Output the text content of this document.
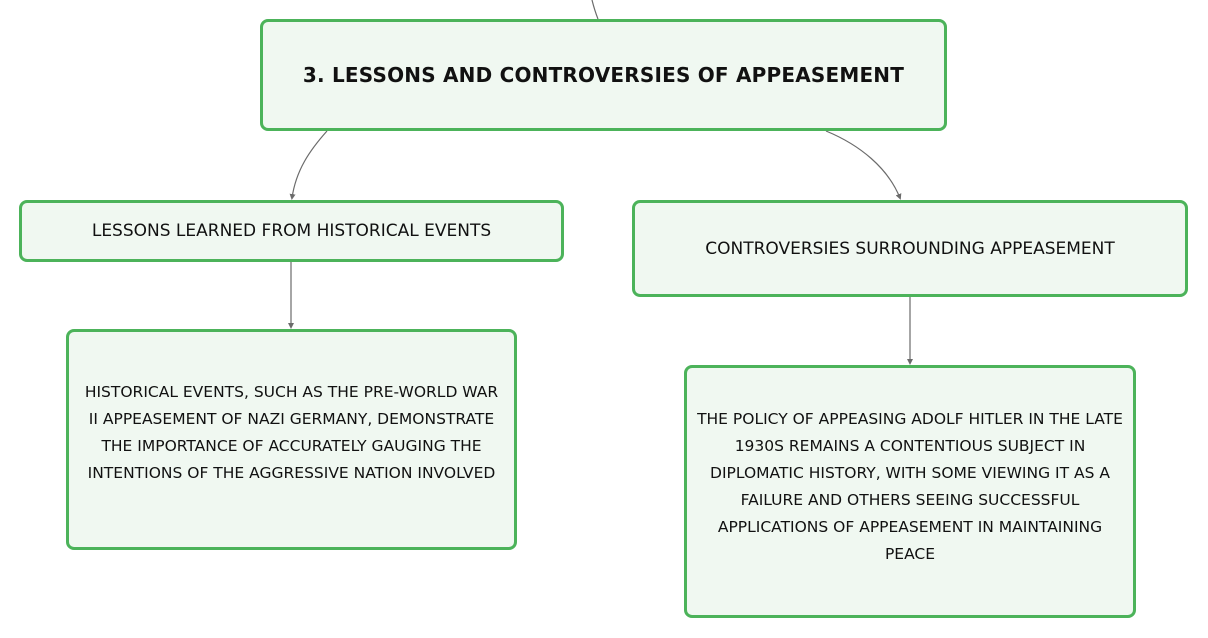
3. LESSONS AND CONTROVERSIES OF APPEASEMENT
LESSONS LEARNED FROM HISTORICAL EVENTS
CONTROVERSIES SURROUNDING APPEASEMENT
HISTORICAL EVENTS, SUCH AS THE PRE-WORLD WAR II APPEASEMENT OF NAZI GERMANY, DEMONSTRATE THE IMPORTANCE OF ACCURATELY GAUGING THE INTENTIONS OF THE AGGRESSIVE NATION INVOLVED
THE POLICY OF APPEASING ADOLF HITLER IN THE LATE 1930S REMAINS A CONTENTIOUS SUBJECT IN DIPLOMATIC HISTORY, WITH SOME VIEWING IT AS A FAILURE AND OTHERS SEEING SUCCESSFUL APPLICATIONS OF APPEASEMENT IN MAINTAINING PEACE
